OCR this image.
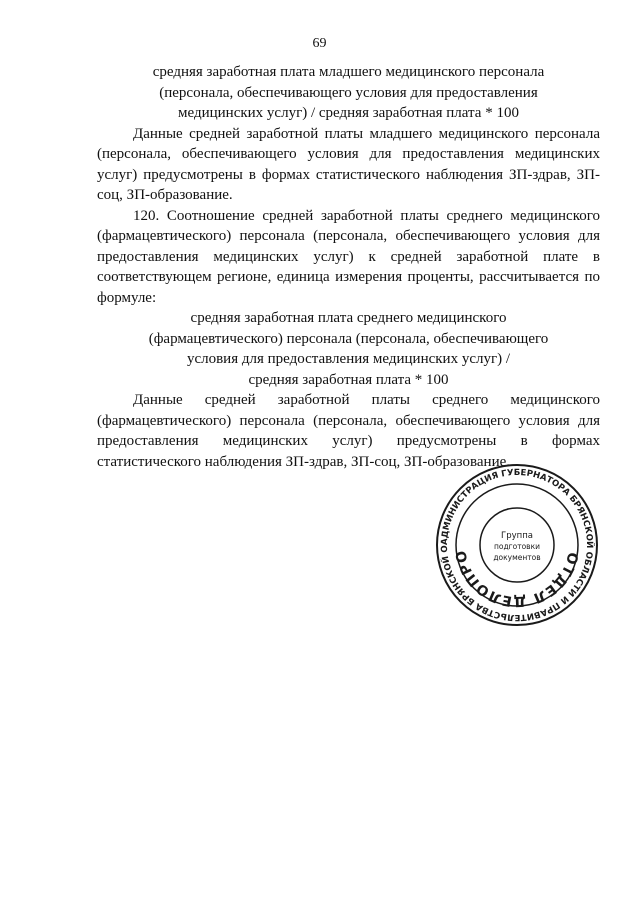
69
средняя заработная плата младшего медицинского персонала
(персонала, обеспечивающего условия для предоставления
медицинских услуг) / средняя заработная плата * 100

Данные средней заработной платы младшего медицинского персонала (персонала, обеспечивающего условия для предоставления медицинских услуг) предусмотрены в формах статистического наблюдения ЗП-здрав, ЗП-соц, ЗП-образование.

120. Соотношение средней заработной платы среднего медицинского (фармацевтического) персонала (персонала, обеспечивающего условия для предоставления медицинских услуг) к средней заработной плате в соответствующем регионе, единица измерения проценты, рассчитывается по формуле:

средняя заработная плата среднего медицинского
(фармацевтического) персонала (персонала, обеспечивающего
условия для предоставления медицинских услуг) /
средняя заработная плата * 100

Данные средней заработной платы среднего медицинского (фармацевтического) персонала (персонала, обеспечивающего условия для предоставления медицинских услуг) предусмотрены в формах статистического наблюдения ЗП-здрав, ЗП-соц, ЗП-образование.

АДМИНИСТРАЦИЯ ГУБЕРНАТОРА БРЯНСКОЙ ОБЛАСТИ И ПРАВИТЕЛЬСТВА БРЯНСКОЙ О
ОТДЕЛ ДЕЛОПРО
Группа
подготовки
документов
